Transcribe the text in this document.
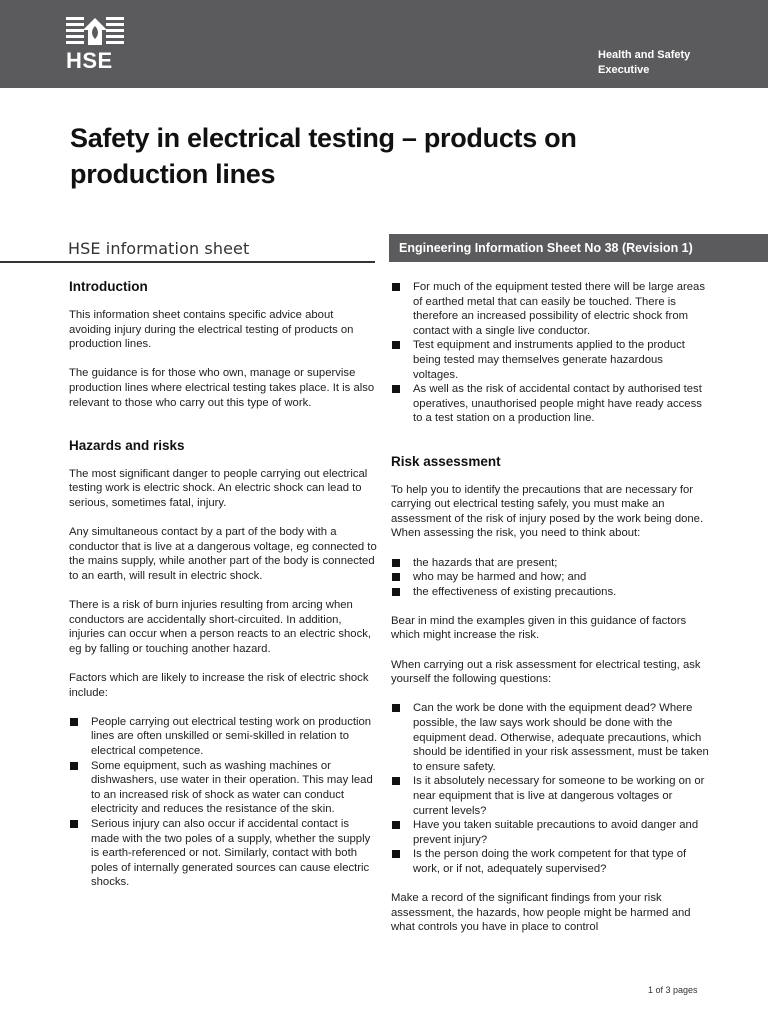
HSE	Health and Safety
Executive
Safety in electrical testing – products on
production lines
HSE information sheet	Engineering Information Sheet No 38 (Revision 1)
Introduction

This information sheet contains specific advice about avoiding injury during the electrical testing of products on production lines.

The guidance is for those who own, manage or supervise production lines where electrical testing takes place. It is also relevant to those who carry out this type of work.

Hazards and risks

The most significant danger to people carrying out electrical testing work is electric shock. An electric shock can lead to serious, sometimes fatal, injury.

Any simultaneous contact by a part of the body with a conductor that is live at a dangerous voltage, eg connected to the mains supply, while another part of the body is connected to an earth, will result in electric shock.

There is a risk of burn injuries resulting from arcing when conductors are accidentally short-circuited. In addition, injuries can occur when a person reacts to an electric shock, eg by falling or touching another hazard.

Factors which are likely to increase the risk of electric shock include:

People carrying out electrical testing work on production lines are often unskilled or semi-skilled in relation to electrical competence.
Some equipment, such as washing machines or dishwashers, use water in their operation. This may lead to an increased risk of shock as water can conduct electricity and reduces the resistance of the skin.
Serious injury can also occur if accidental contact is made with the two poles of a supply, whether the supply is earth-referenced or not. Similarly, contact with both poles of internally generated sources can cause electric shocks.
For much of the equipment tested there will be large areas of earthed metal that can easily be touched. There is therefore an increased possibility of electric shock from contact with a single live conductor.
Test equipment and instruments applied to the product being tested may themselves generate hazardous voltages.
As well as the risk of accidental contact by authorised test operatives, unauthorised people might have ready access to a test station on a production line.
Risk assessment

To help you to identify the precautions that are necessary for carrying out electrical testing safely, you must make an assessment of the risk of injury posed by the work being done. When assessing the risk, you need to think about:

the hazards that are present;
who may be harmed and how; and
the effectiveness of existing precautions.

Bear in mind the examples given in this guidance of factors which might increase the risk.

When carrying out a risk assessment for electrical testing, ask yourself the following questions:

Can the work be done with the equipment dead? Where possible, the law says work should be done with the equipment dead. Otherwise, adequate precautions, which should be identified in your risk assessment, must be taken to ensure safety.
Is it absolutely necessary for someone to be working on or near equipment that is live at dangerous voltages or current levels?
Have you taken suitable precautions to avoid danger and prevent injury?
Is the person doing the work competent for that type of work, or if not, adequately supervised?

Make a record of the significant findings from your risk assessment, the hazards, how people might be harmed and what controls you have in place to control

1 of 3 pages
